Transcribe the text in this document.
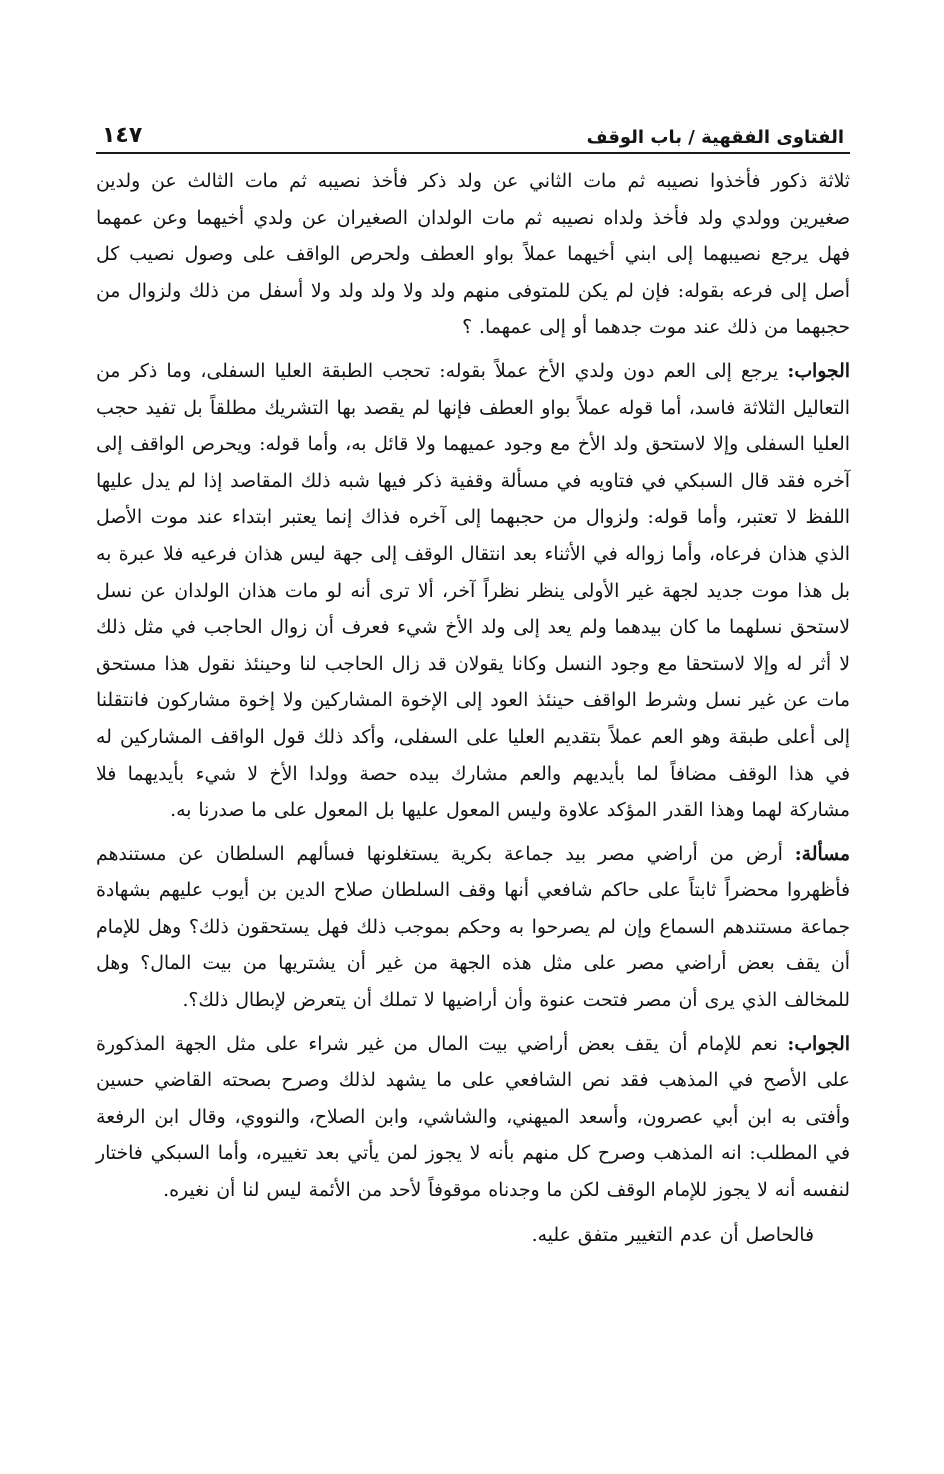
الفتاوى الفقهية / باب الوقف
١٤٧

ثلاثة ذكور فأخذوا نصيبه ثم مات الثاني عن ولد ذكر فأخذ نصيبه ثم مات الثالث عن ولدين صغيرين وولدي ولد فأخذ ولداه نصيبه ثم مات الولدان الصغيران عن ولدي أخيهما وعن عمهما فهل يرجع نصيبهما إلى ابني أخيهما عملاً بواو العطف ولحرص الواقف على وصول نصيب كل أصل إلى فرعه بقوله: فإن لم يكن للمتوفى منهم ولد ولا ولد ولد ولا أسفل من ذلك ولزوال من حجبهما من ذلك عند موت جدهما أو إلى عمهما. ؟

الجواب: يرجع إلى العم دون ولدي الأخ عملاً بقوله: تحجب الطبقة العليا السفلى، وما ذكر من التعاليل الثلاثة فاسد، أما قوله عملاً بواو العطف فإنها لم يقصد بها التشريك مطلقاً بل تفيد حجب العليا السفلى وإلا لاستحق ولد الأخ مع وجود عميهما ولا قائل به، وأما قوله: ويحرص الواقف إلى آخره فقد قال السبكي في فتاويه في مسألة وقفية ذكر فيها شبه ذلك المقاصد إذا لم يدل عليها اللفظ لا تعتبر، وأما قوله: ولزوال من حجبهما إلى آخره فذاك إنما يعتبر ابتداء عند موت الأصل الذي هذان فرعاه، وأما زواله في الأثناء بعد انتقال الوقف إلى جهة ليس هذان فرعيه فلا عبرة به بل هذا موت جديد لجهة غير الأولى ينظر نظراً آخر، ألا ترى أنه لو مات هذان الولدان عن نسل لاستحق نسلهما ما كان بيدهما ولم يعد إلى ولد الأخ شيء فعرف أن زوال الحاجب في مثل ذلك لا أثر له وإلا لاستحقا مع وجود النسل وكانا يقولان قد زال الحاجب لنا وحينئذ نقول هذا مستحق مات عن غير نسل وشرط الواقف حينئذ العود إلى الإخوة المشاركين ولا إخوة مشاركون فانتقلنا إلى أعلى طبقة وهو العم عملاً بتقديم العليا على السفلى، وأكد ذلك قول الواقف المشاركين له في هذا الوقف مضافاً لما بأيديهم والعم مشارك بيده حصة وولدا الأخ لا شيء بأيديهما فلا مشاركة لهما وهذا القدر المؤكد علاوة وليس المعول عليها بل المعول على ما صدرنا به.

مسألة: أرض من أراضي مصر بيد جماعة بكرية يستغلونها فسألهم السلطان عن مستندهم فأظهروا محضراً ثابتاً على حاكم شافعي أنها وقف السلطان صلاح الدين بن أيوب عليهم بشهادة جماعة مستندهم السماع وإن لم يصرحوا به وحكم بموجب ذلك فهل يستحقون ذلك؟ وهل للإمام أن يقف بعض أراضي مصر على مثل هذه الجهة من غير أن يشتريها من بيت المال؟ وهل للمخالف الذي يرى أن مصر فتحت عنوة وأن أراضيها لا تملك أن يتعرض لإبطال ذلك؟.

الجواب: نعم للإمام أن يقف بعض أراضي بيت المال من غير شراء على مثل الجهة المذكورة على الأصح في المذهب فقد نص الشافعي على ما يشهد لذلك وصرح بصحته القاضي حسين وأفتى به ابن أبي عصرون، وأسعد الميهني، والشاشي، وابن الصلاح، والنووي، وقال ابن الرفعة في المطلب: انه المذهب وصرح كل منهم بأنه لا يجوز لمن يأتي بعد تغييره، وأما السبكي فاختار لنفسه أنه لا يجوز للإمام الوقف لكن ما وجدناه موقوفاً لأحد من الأئمة ليس لنا أن نغيره.

فالحاصل أن عدم التغيير متفق عليه.
